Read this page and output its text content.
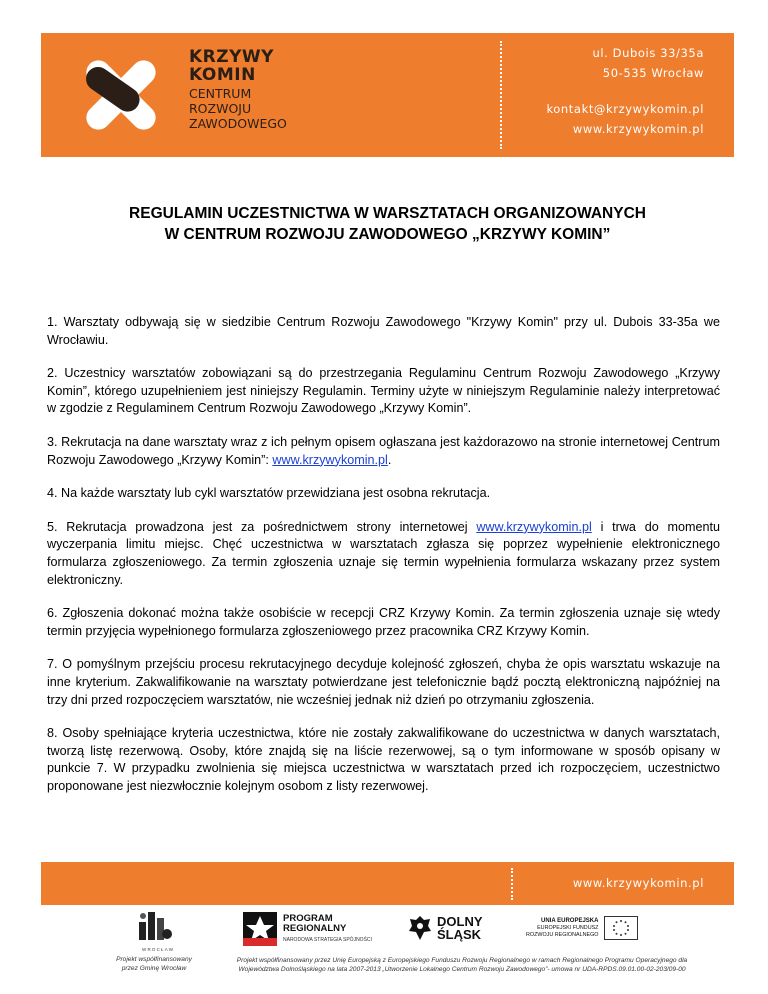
KRZYWY
KOMIN
CENTRUM
ROZWOJU
ZAWODOWEGO
ul. Dubois 33/35a
50-535 Wrocław
kontakt@krzywykomin.pl
www.krzywykomin.pl
REGULAMIN UCZESTNICTWA W WARSZTATACH ORGANIZOWANYCH
W CENTRUM ROZWOJU ZAWODOWEGO „KRZYWY KOMIN”

1. Warsztaty odbywają się w siedzibie Centrum Rozwoju Zawodowego "Krzywy Komin" przy ul. Dubois 33-35a we Wrocławiu.

2. Uczestnicy warsztatów zobowiązani są do przestrzegania Regulaminu Centrum Rozwoju Zawodowego „Krzywy Komin”, którego uzupełnieniem jest niniejszy Regulamin. Terminy użyte w niniejszym Regulaminie należy interpretować w zgodzie z Regulaminem Centrum Rozwoju Zawodowego „Krzywy Komin”.

3. Rekrutacja na dane warsztaty wraz z ich pełnym opisem ogłaszana jest każdorazowo na stronie internetowej Centrum Rozwoju Zawodowego „Krzywy Komin”: www.krzywykomin.pl.

4. Na każde warsztaty lub cykl warsztatów przewidziana jest osobna rekrutacja.

5. Rekrutacja prowadzona jest za pośrednictwem strony internetowej www.krzywykomin.pl i trwa do momentu wyczerpania limitu miejsc. Chęć uczestnictwa w warsztatach zgłasza się poprzez wypełnienie elektronicznego formularza zgłoszeniowego. Za termin zgłoszenia uznaje się termin wypełnienia formularza wskazany przez system elektroniczny.

6. Zgłoszenia dokonać można także osobiście w recepcji CRZ Krzywy Komin. Za termin zgłoszenia uznaje się wtedy termin przyjęcia wypełnionego formularza zgłoszeniowego przez pracownika CRZ Krzywy Komin.

7. O pomyślnym przejściu procesu rekrutacyjnego decyduje kolejność zgłoszeń, chyba że opis warsztatu wskazuje na inne kryterium. Zakwalifikowanie na warsztaty potwierdzane jest telefonicznie bądź pocztą elektroniczną najpóźniej na trzy dni przed rozpoczęciem warsztatów, nie wcześniej jednak niż dzień po otrzymaniu zgłoszenia.

8. Osoby spełniające kryteria uczestnictwa, które nie zostały zakwalifikowane do uczestnictwa w danych warsztatach, tworzą listę rezerwową. Osoby, które znajdą się na liście rezerwowej, są o tym informowane w sposób opisany w punkcie 7. W przypadku zwolnienia się miejsca uczestnictwa w warsztatach przed ich rozpoczęciem, uczestnictwo proponowane jest niezwłocznie kolejnym osobom z listy rezerwowej.

www.krzywykomin.pl
WROCŁAW
Projekt współfinansowany
przez Gminę Wrocław
PROGRAM
REGIONALNY
NARODOWA STRATEGIA SPÓJNOŚCI
DOLNY
ŚLĄSK
UNIA EUROPEJSKA
EUROPEJSKI FUNDUSZ
ROZWOJU REGIONALNEGO
Projekt współfinansowany przez Unię Europejską z Europejskiego Funduszu Rozwoju Regionalnego w ramach Regionalnego Programu Operacyjnego dla
Województwa Dolnośląskiego na lata 2007-2013 „Utworzenie Lokalnego Centrum Rozwoju Zawodowego”- umowa nr UDA-RPDS.09.01.00-02-203/09-00
